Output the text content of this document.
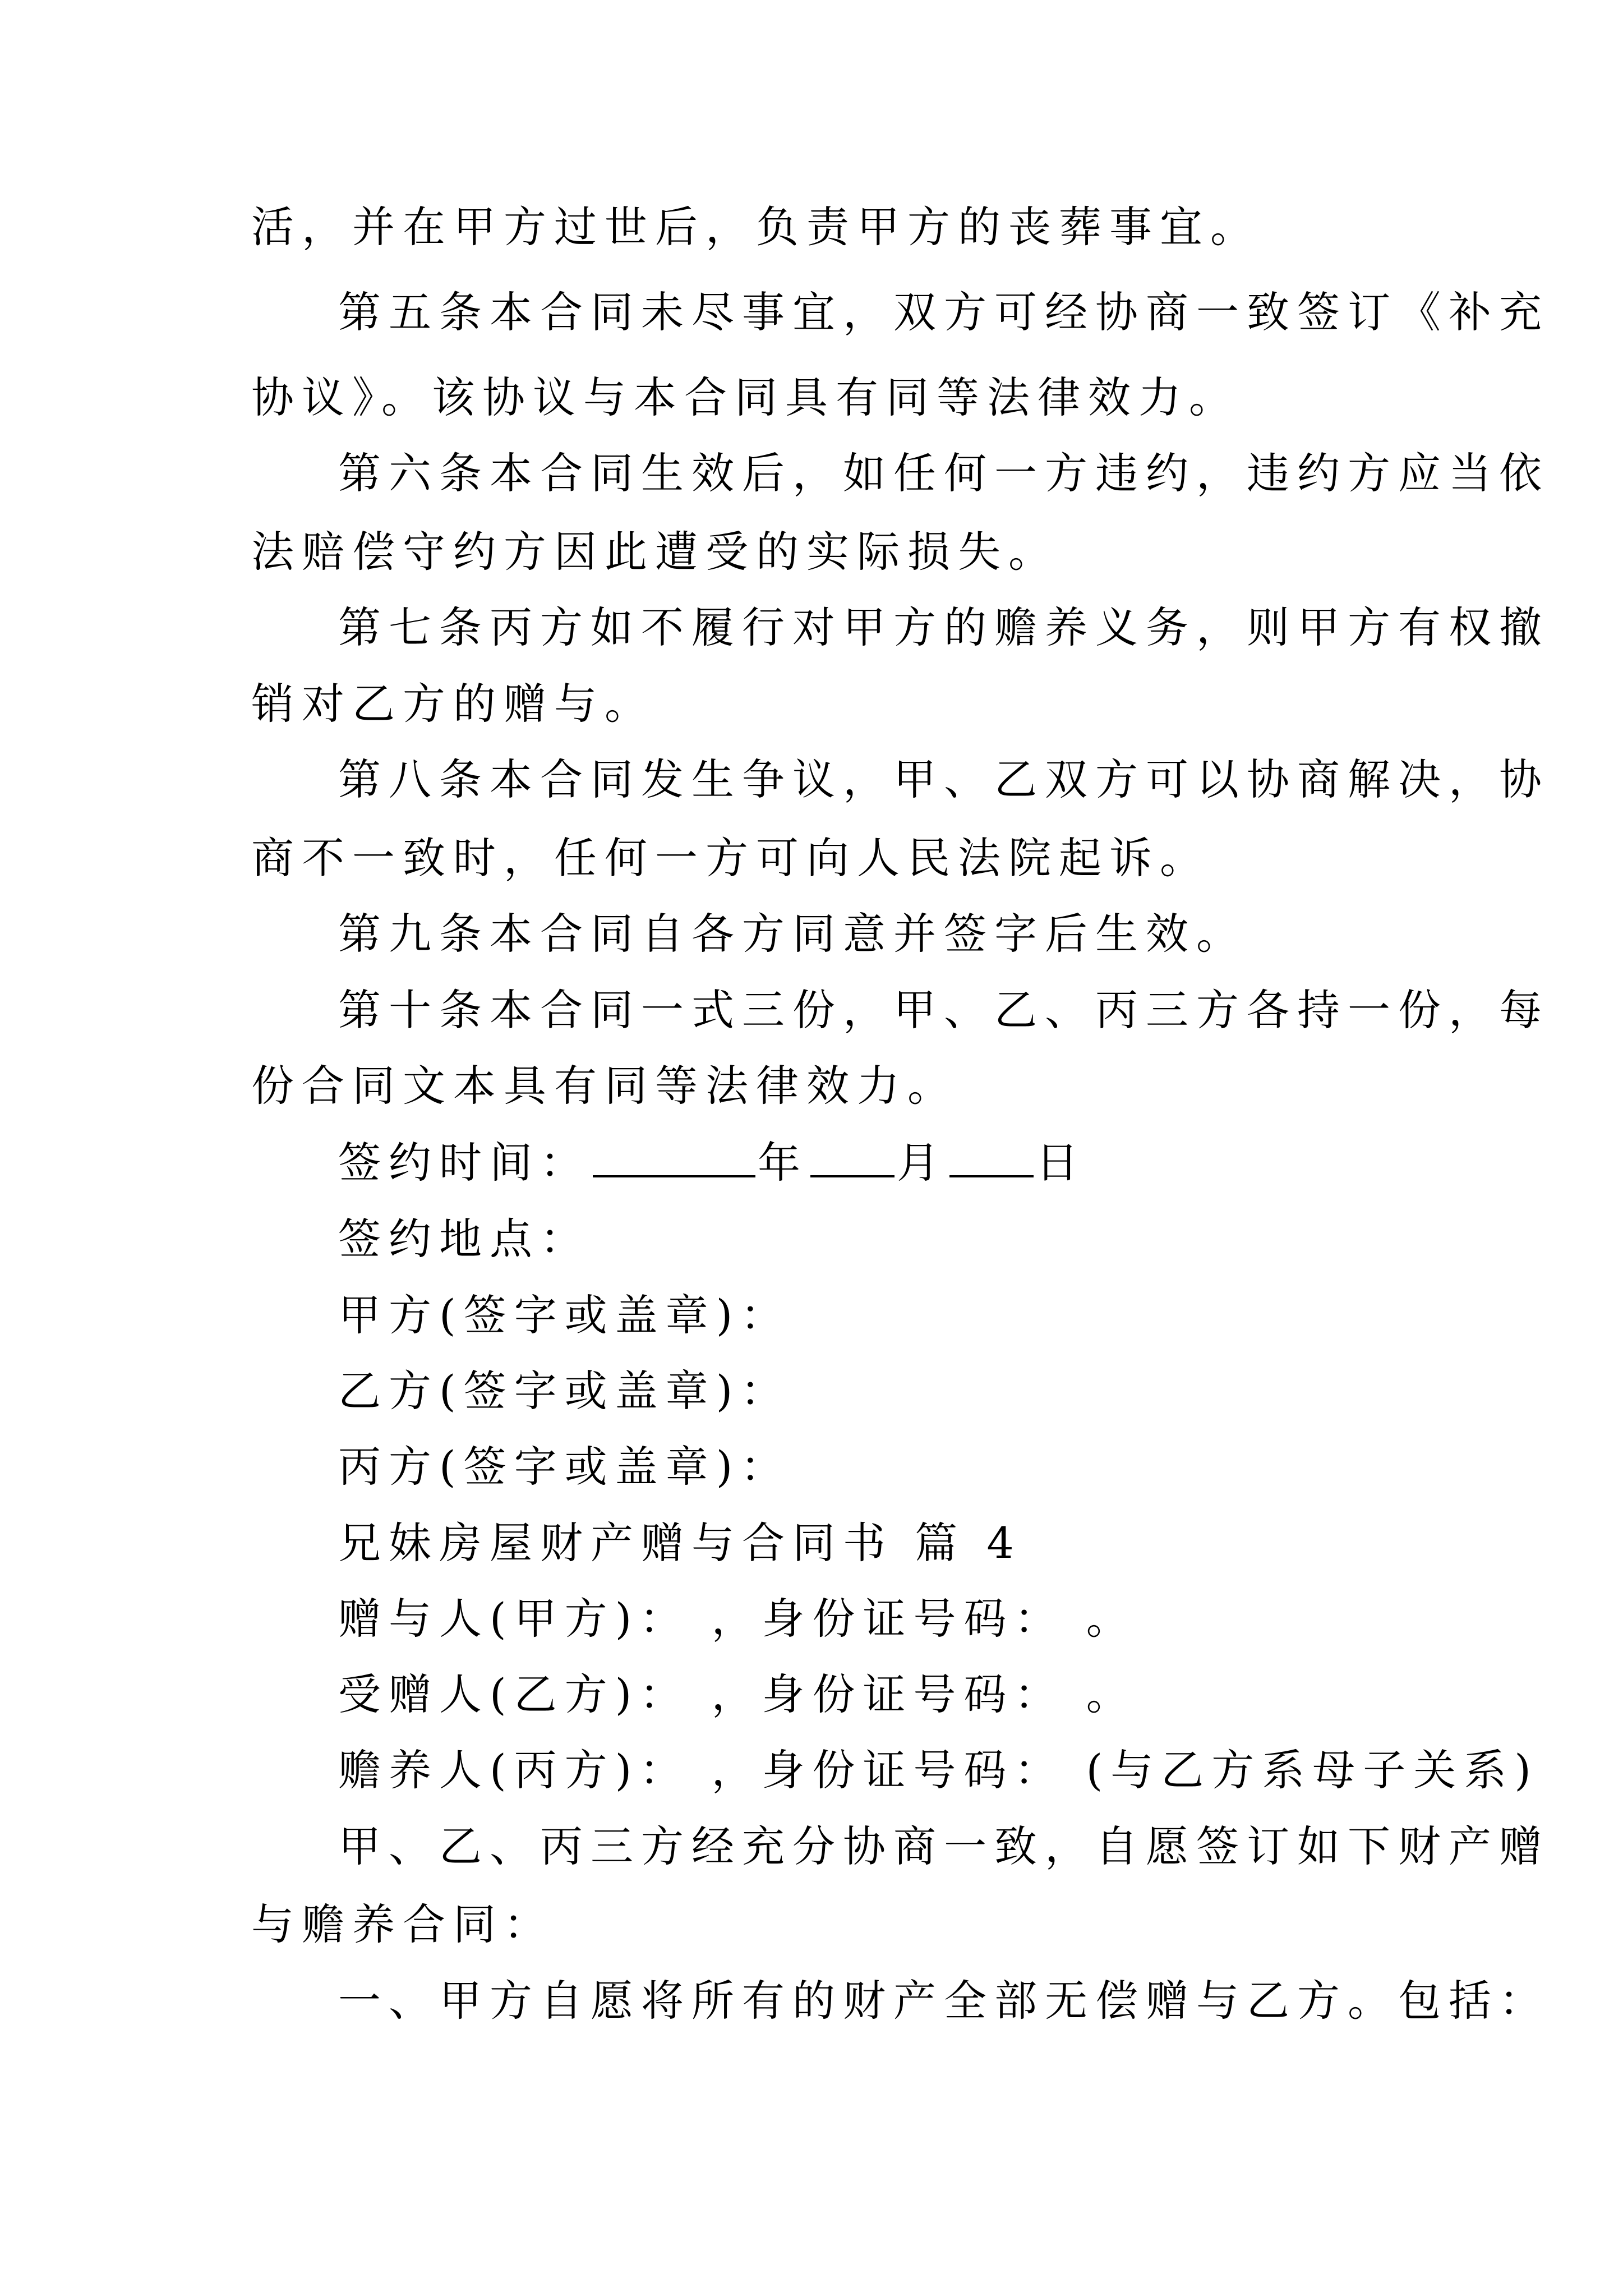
活，并在甲方过世后，负责甲方的丧葬事宜。

第五条本合同未尽事宜，双方可经协商一致签订《补充

协议》。该协议与本合同具有同等法律效力。

第六条本合同生效后，如任何一方违约，违约方应当依

法赔偿守约方因此遭受的实际损失。

第七条丙方如不履行对甲方的赡养义务，则甲方有权撤

销对乙方的赠与。

第八条本合同发生争议，甲、乙双方可以协商解决，协

商不一致时，任何一方可向人民法院起诉。

第九条本合同自各方同意并签字后生效。

第十条本合同一式三份，甲、乙、丙三方各持一份，每

份合同文本具有同等法律效力。

签约时间：	年 月 日

签约地点：

甲方(签字或盖章)：

乙方(签字或盖章)：

丙方(签字或盖章)：

兄妹房屋财产赠与合同书 篇 4

赠与人(甲方)： ，身份证号码： 。

受赠人(乙方)： ，身份证号码： 。

赡养人(丙方)： ，身份证号码： (与乙方系母子关系)

甲、乙、丙三方经充分协商一致，自愿签订如下财产赠

与赡养合同：

一、甲方自愿将所有的财产全部无偿赠与乙方。包括：
